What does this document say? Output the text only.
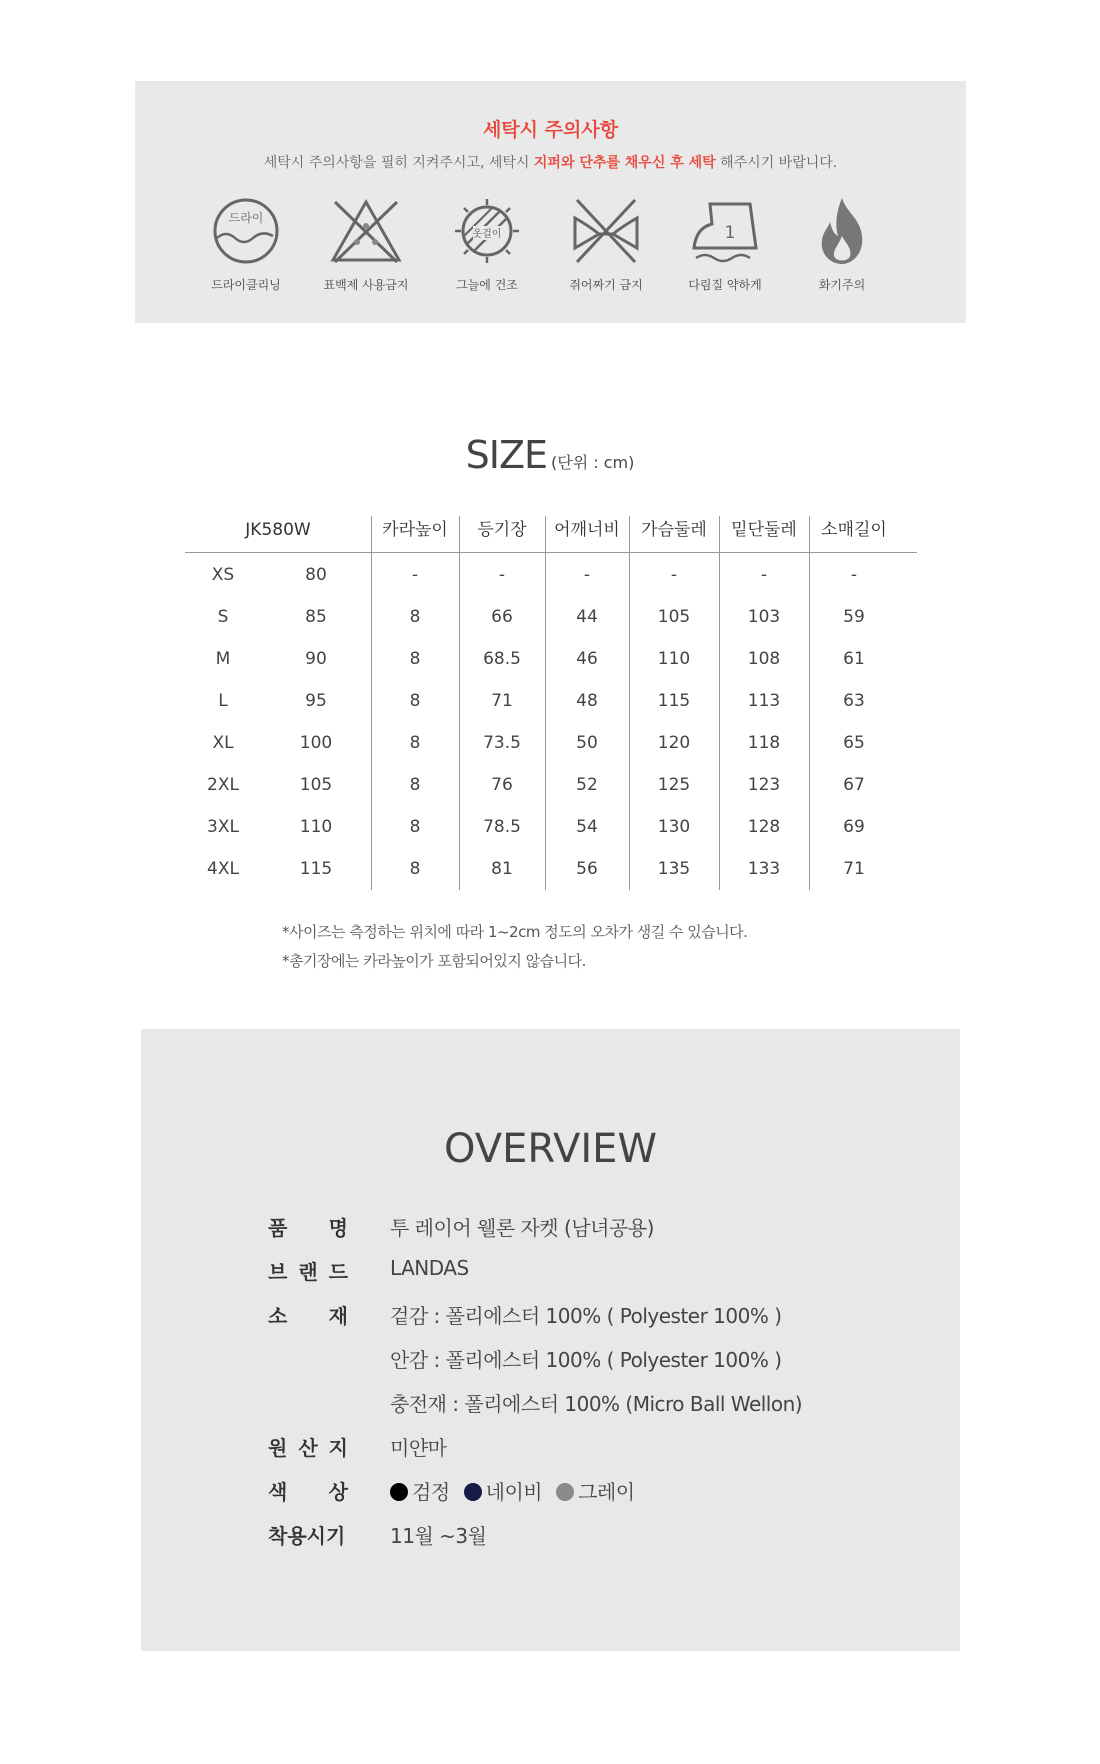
세탁시 주의사항
세탁시 주의사항을 필히 지켜주시고, 세탁시 지퍼와 단추를 채우신 후 세탁 해주시기 바랍니다.
드라이
드라이클리닝	표백제 사용금지
옷걸이
그늘에 건조	쥐어짜기 금지
1
다림질 약하게	화기주의
SIZE (단위 : cm)
JK580W	카라높이	등기장	어깨너비	가슴둘레	밑단둘레	소매길이
XS	80	-	-	-	-	-	-
S	85	8	66	44	105	103	59
M	90	8	68.5	46	110	108	61
L	95	8	71	48	115	113	63
XL	100	8	73.5	50	120	118	65
2XL	105	8	76	52	125	123	67
3XL	110	8	78.5	54	130	128	69
4XL	115	8	81	56	135	133	71
*사이즈는 측정하는 위치에 따라 1~2cm 정도의 오차가 생길 수 있습니다.
*총기장에는 카라높이가 포함되어있지 않습니다.
OVERVIEW
품 명 투 레이어 웰론 자켓 (남녀공용)
브 랜 드 LANDAS
소 재 겉감 : 폴리에스터 100% ( Polyester 100% )
안감 : 폴리에스터 100% ( Polyester 100% )
충전재 : 폴리에스터 100% (Micro Ball Wellon)
원 산 지 미얀마
색 상	검정 네이비 그레이
착용시기 11월 ~3월
